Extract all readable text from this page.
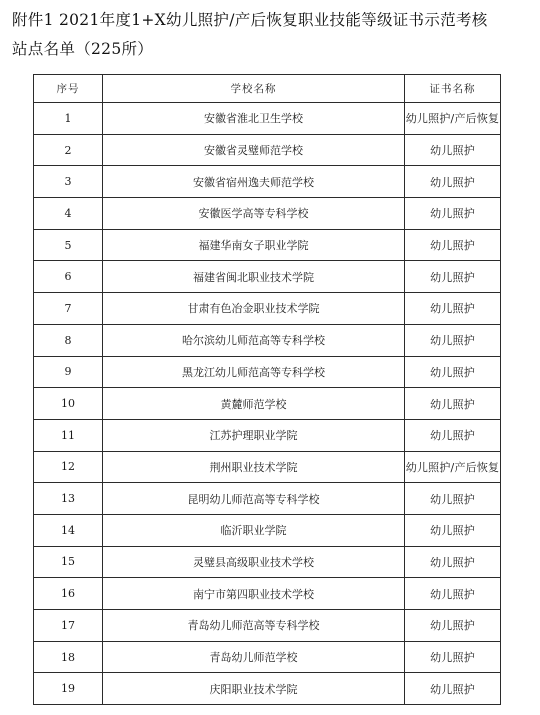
附件1 2021年度1+X幼儿照护/产后恢复职业技能等级证书示范考核
站点名单（225所）
序号	学校名称	证书名称
1	安徽省淮北卫生学校	幼儿照护/产后恢复
2	安徽省灵璧师范学校	幼儿照护
3	安徽省宿州逸夫师范学校	幼儿照护
4	安徽医学高等专科学校	幼儿照护
5	福建华南女子职业学院	幼儿照护
6	福建省闽北职业技术学院	幼儿照护
7	甘肃有色冶金职业技术学院	幼儿照护
8	哈尔滨幼儿师范高等专科学校	幼儿照护
9	黑龙江幼儿师范高等专科学校	幼儿照护
10	黄麓师范学校	幼儿照护
11	江苏护理职业学院	幼儿照护
12	荆州职业技术学院	幼儿照护/产后恢复
13	昆明幼儿师范高等专科学校	幼儿照护
14	临沂职业学院	幼儿照护
15	灵璧县高级职业技术学校	幼儿照护
16	南宁市第四职业技术学校	幼儿照护
17	青岛幼儿师范高等专科学校	幼儿照护
18	青岛幼儿师范学校	幼儿照护
19	庆阳职业技术学院	幼儿照护
